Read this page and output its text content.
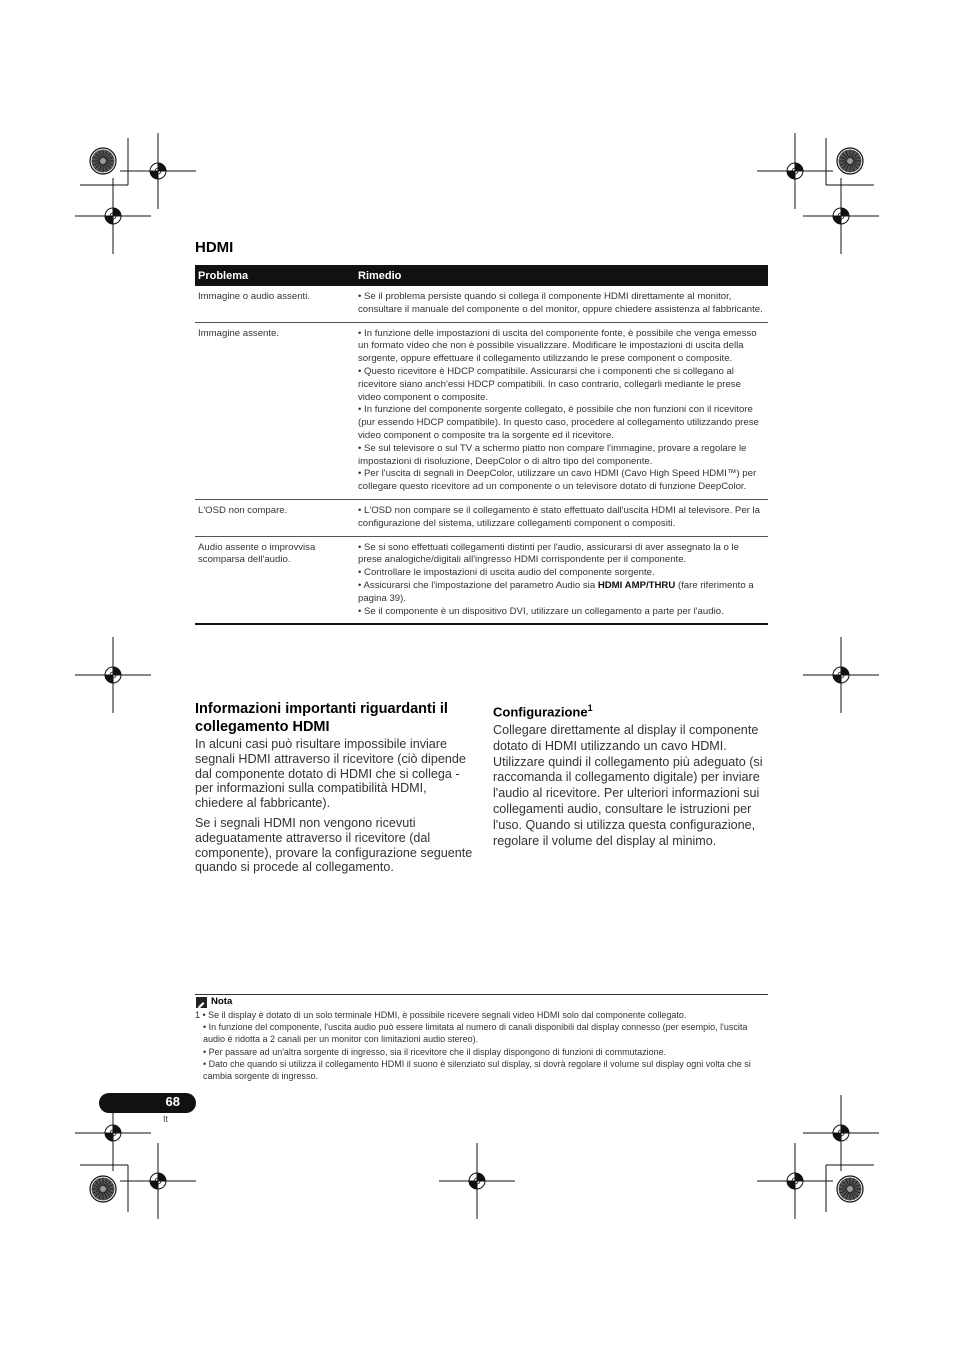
HDMI
Problema	Rimedio
Immagine o audio assenti.	• Se il problema persiste quando si collega il componente HDMI direttamente al monitor, consultare il manuale del componente o del monitor, oppure chiedere assistenza al fabbricante.

Immagine assente.	• In funzione delle impostazioni di uscita del componente fonte, è possibile che venga emesso un formato video che non è possibile visualizzare. Modificare le impostazioni di uscita della sorgente, oppure effettuare il collegamento utilizzando le prese component o composite.
• Questo ricevitore è HDCP compatibile. Assicurarsi che i componenti che si collegano al ricevitore siano anch'essi HDCP compatibili. In caso contrario, collegarli mediante le prese video component o composite.
• In funzione del componente sorgente collegato, è possibile che non funzioni con il ricevitore (pur essendo HDCP compatibile). In questo caso, procedere al collegamento utilizzando prese video component o composite tra la sorgente ed il ricevitore.
• Se sul televisore o sul TV a schermo piatto non compare l'immagine, provare a regolare le impostazioni di risoluzione, DeepColor o di altro tipo del componente.
• Per l'uscita di segnali in DeepColor, utilizzare un cavo HDMI (Cavo High Speed HDMI™) per collegare questo ricevitore ad un componente o un televisore dotato di funzione DeepColor.

L'OSD non compare.	• L'OSD non compare se il collegamento è stato effettuato dall'uscita HDMI al televisore. Per la configurazione del sistema, utilizzare collegamenti component o compositi.

Audio assente o improvvisa scomparsa dell'audio.	• Se si sono effettuati collegamenti distinti per l'audio, assicurarsi di aver assegnato la o le prese analogiche/digitali all'ingresso HDMI corrispondente per il componente.
• Controllare le impostazioni di uscita audio del componente sorgente.
• Assicurarsi che l'impostazione del parametro Audio sia HDMI AMP/THRU (fare riferimento a pagina 39).
• Se il componente è un dispositivo DVI, utilizzare un collegamento a parte per l'audio.
Informazioni importanti riguardanti il collegamento HDMI

In alcuni casi può risultare impossibile inviare segnali HDMI attraverso il ricevitore (ciò dipende dal componente dotato di HDMI che si collega - per informazioni sulla compatibilità HDMI, chiedere al fabbricante).

Se i segnali HDMI non vengono ricevuti adeguatamente attraverso il ricevitore (dal componente), provare la configurazione seguente quando si procede al collegamento.

Configurazione$^1$
Collegare direttamente al display il componente dotato di HDMI utilizzando un cavo HDMI. Utilizzare quindi il collegamento più adeguato (si raccomanda il collegamento digitale) per inviare l'audio al ricevitore. Per ulteriori informazioni sui collegamenti audio, consultare le istruzioni per l'uso. Quando si utilizza questa configurazione, regolare il volume del display al minimo.
Nota
1 • Se il display è dotato di un solo terminale HDMI, è possibile ricevere segnali video HDMI solo dal componente collegato.
• In funzione del componente, l'uscita audio può essere limitata al numero di canali disponibili dal display connesso (per esempio, l'uscita audio è ridotta a 2 canali per un monitor con limitazioni audio stereo).
• Per passare ad un'altra sorgente di ingresso, sia il ricevitore che il display dispongono di funzioni di commutazione.
• Dato che quando si utilizza il collegamento HDMI il suono è silenziato sul display, si dovrà regolare il volume sul display ogni volta che si cambia sorgente di ingresso.
68
It
